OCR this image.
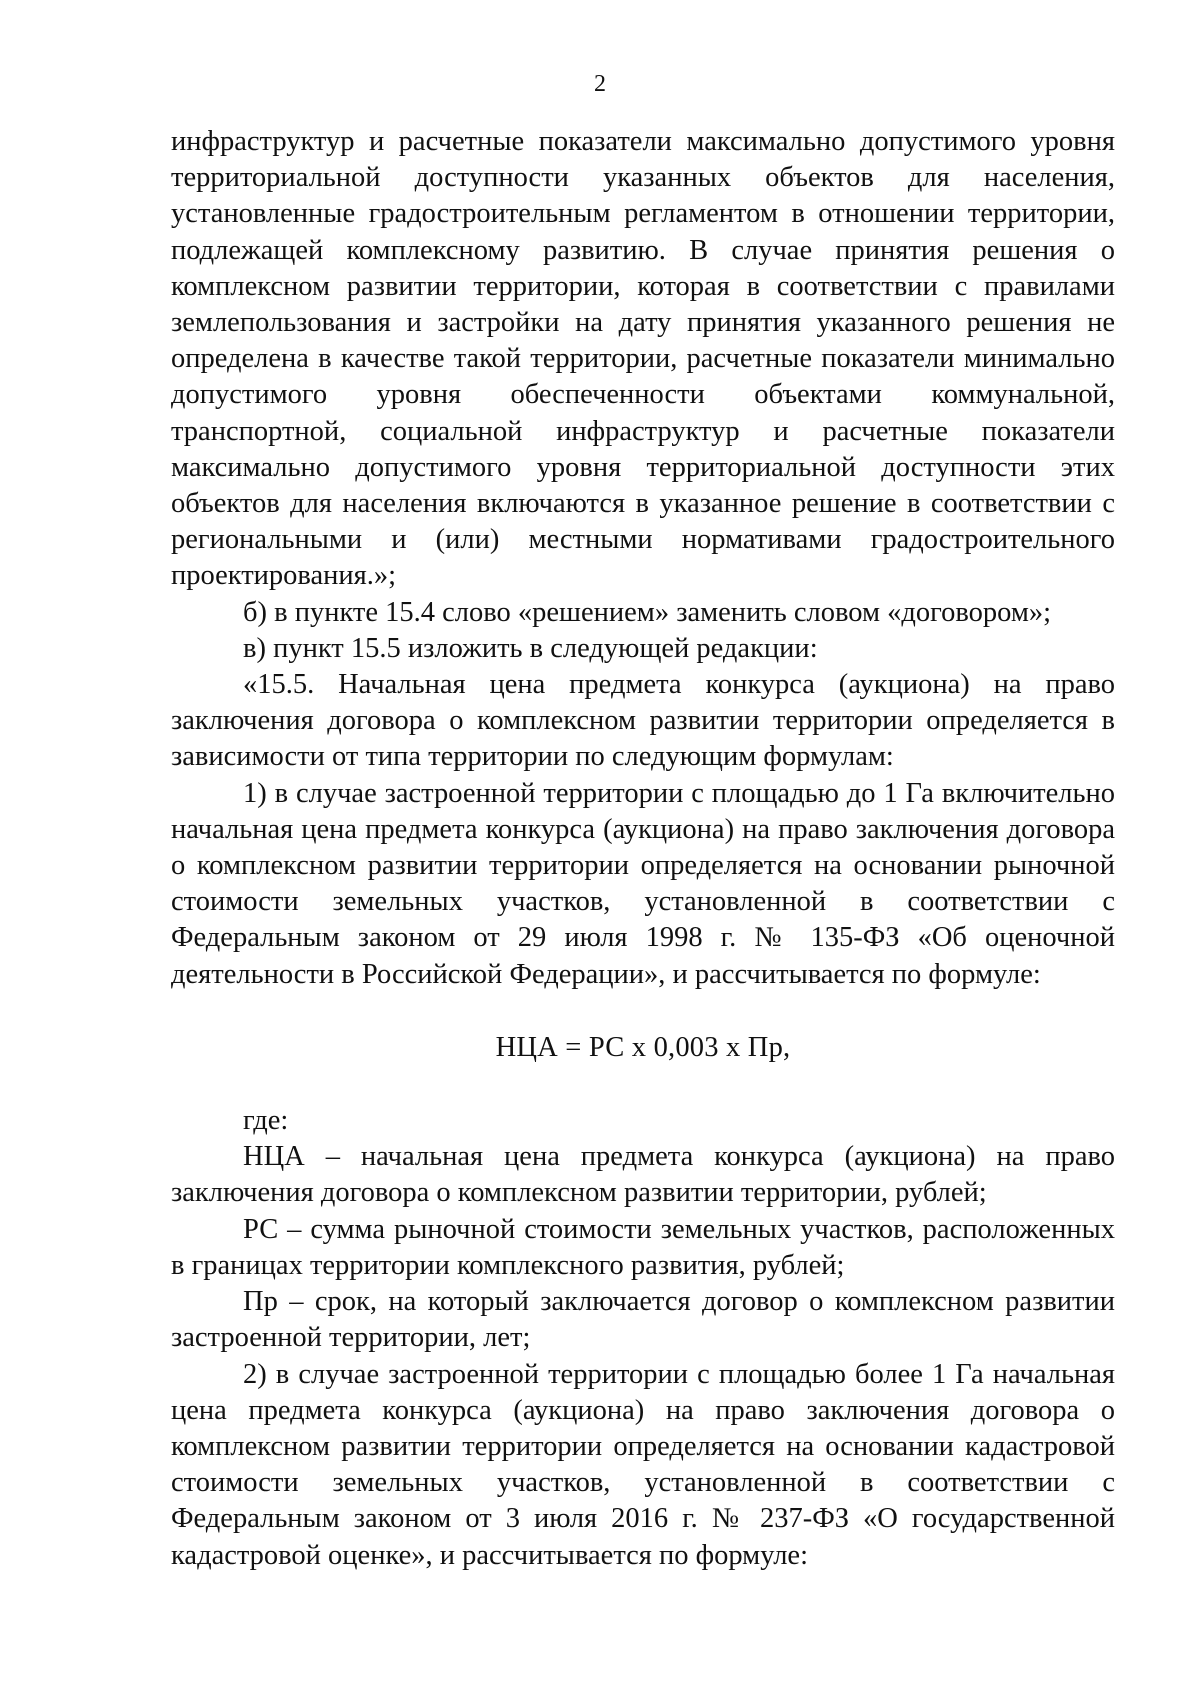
2

инфраструктур и расчетные показатели максимально допустимого уровня территориальной доступности указанных объектов для населения, установленные градостроительным регламентом в отношении территории, подлежащей комплексному развитию. В случае принятия решения о комплексном развитии территории, которая в соответствии с правилами землепользования и застройки на дату принятия указанного решения не определена в качестве такой территории, расчетные показатели минимально допустимого уровня обеспеченности объектами коммунальной, транспортной, социальной инфраструктур и расчетные показатели максимально допустимого уровня территориальной доступности этих объектов для населения включаются в указанное решение в соответствии с региональными и (или) местными нормативами градостроительного проектирования.»;

б) в пункте 15.4 слово «решением» заменить словом «договором»;

в) пункт 15.5 изложить в следующей редакции:

«15.5. Начальная цена предмета конкурса (аукциона) на право заключения договора о комплексном развитии территории определяется в зависимости от типа территории по следующим формулам:

1) в случае застроенной территории с площадью до 1 Га включительно начальная цена предмета конкурса (аукциона) на право заключения договора о комплексном развитии территории определяется на основании рыночной стоимости земельных участков, установленной в соответствии с Федеральным законом от 29 июля 1998 г. № 135-ФЗ «Об оценочной деятельности в Российской Федерации», и рассчитывается по формуле:

НЦА = РС х 0,003 х Пр,

где:

НЦА – начальная цена предмета конкурса (аукциона) на право заключения договора о комплексном развитии территории, рублей;

РС – сумма рыночной стоимости земельных участков, расположенных в границах территории комплексного развития, рублей;

Пр – срок, на который заключается договор о комплексном развитии застроенной территории, лет;

2) в случае застроенной территории с площадью более 1 Га начальная цена предмета конкурса (аукциона) на право заключения договора о комплексном развитии территории определяется на основании кадастровой стоимости земельных участков, установленной в соответствии с Федеральным законом от 3 июля 2016 г. № 237-ФЗ «О государственной кадастровой оценке», и рассчитывается по формуле:
